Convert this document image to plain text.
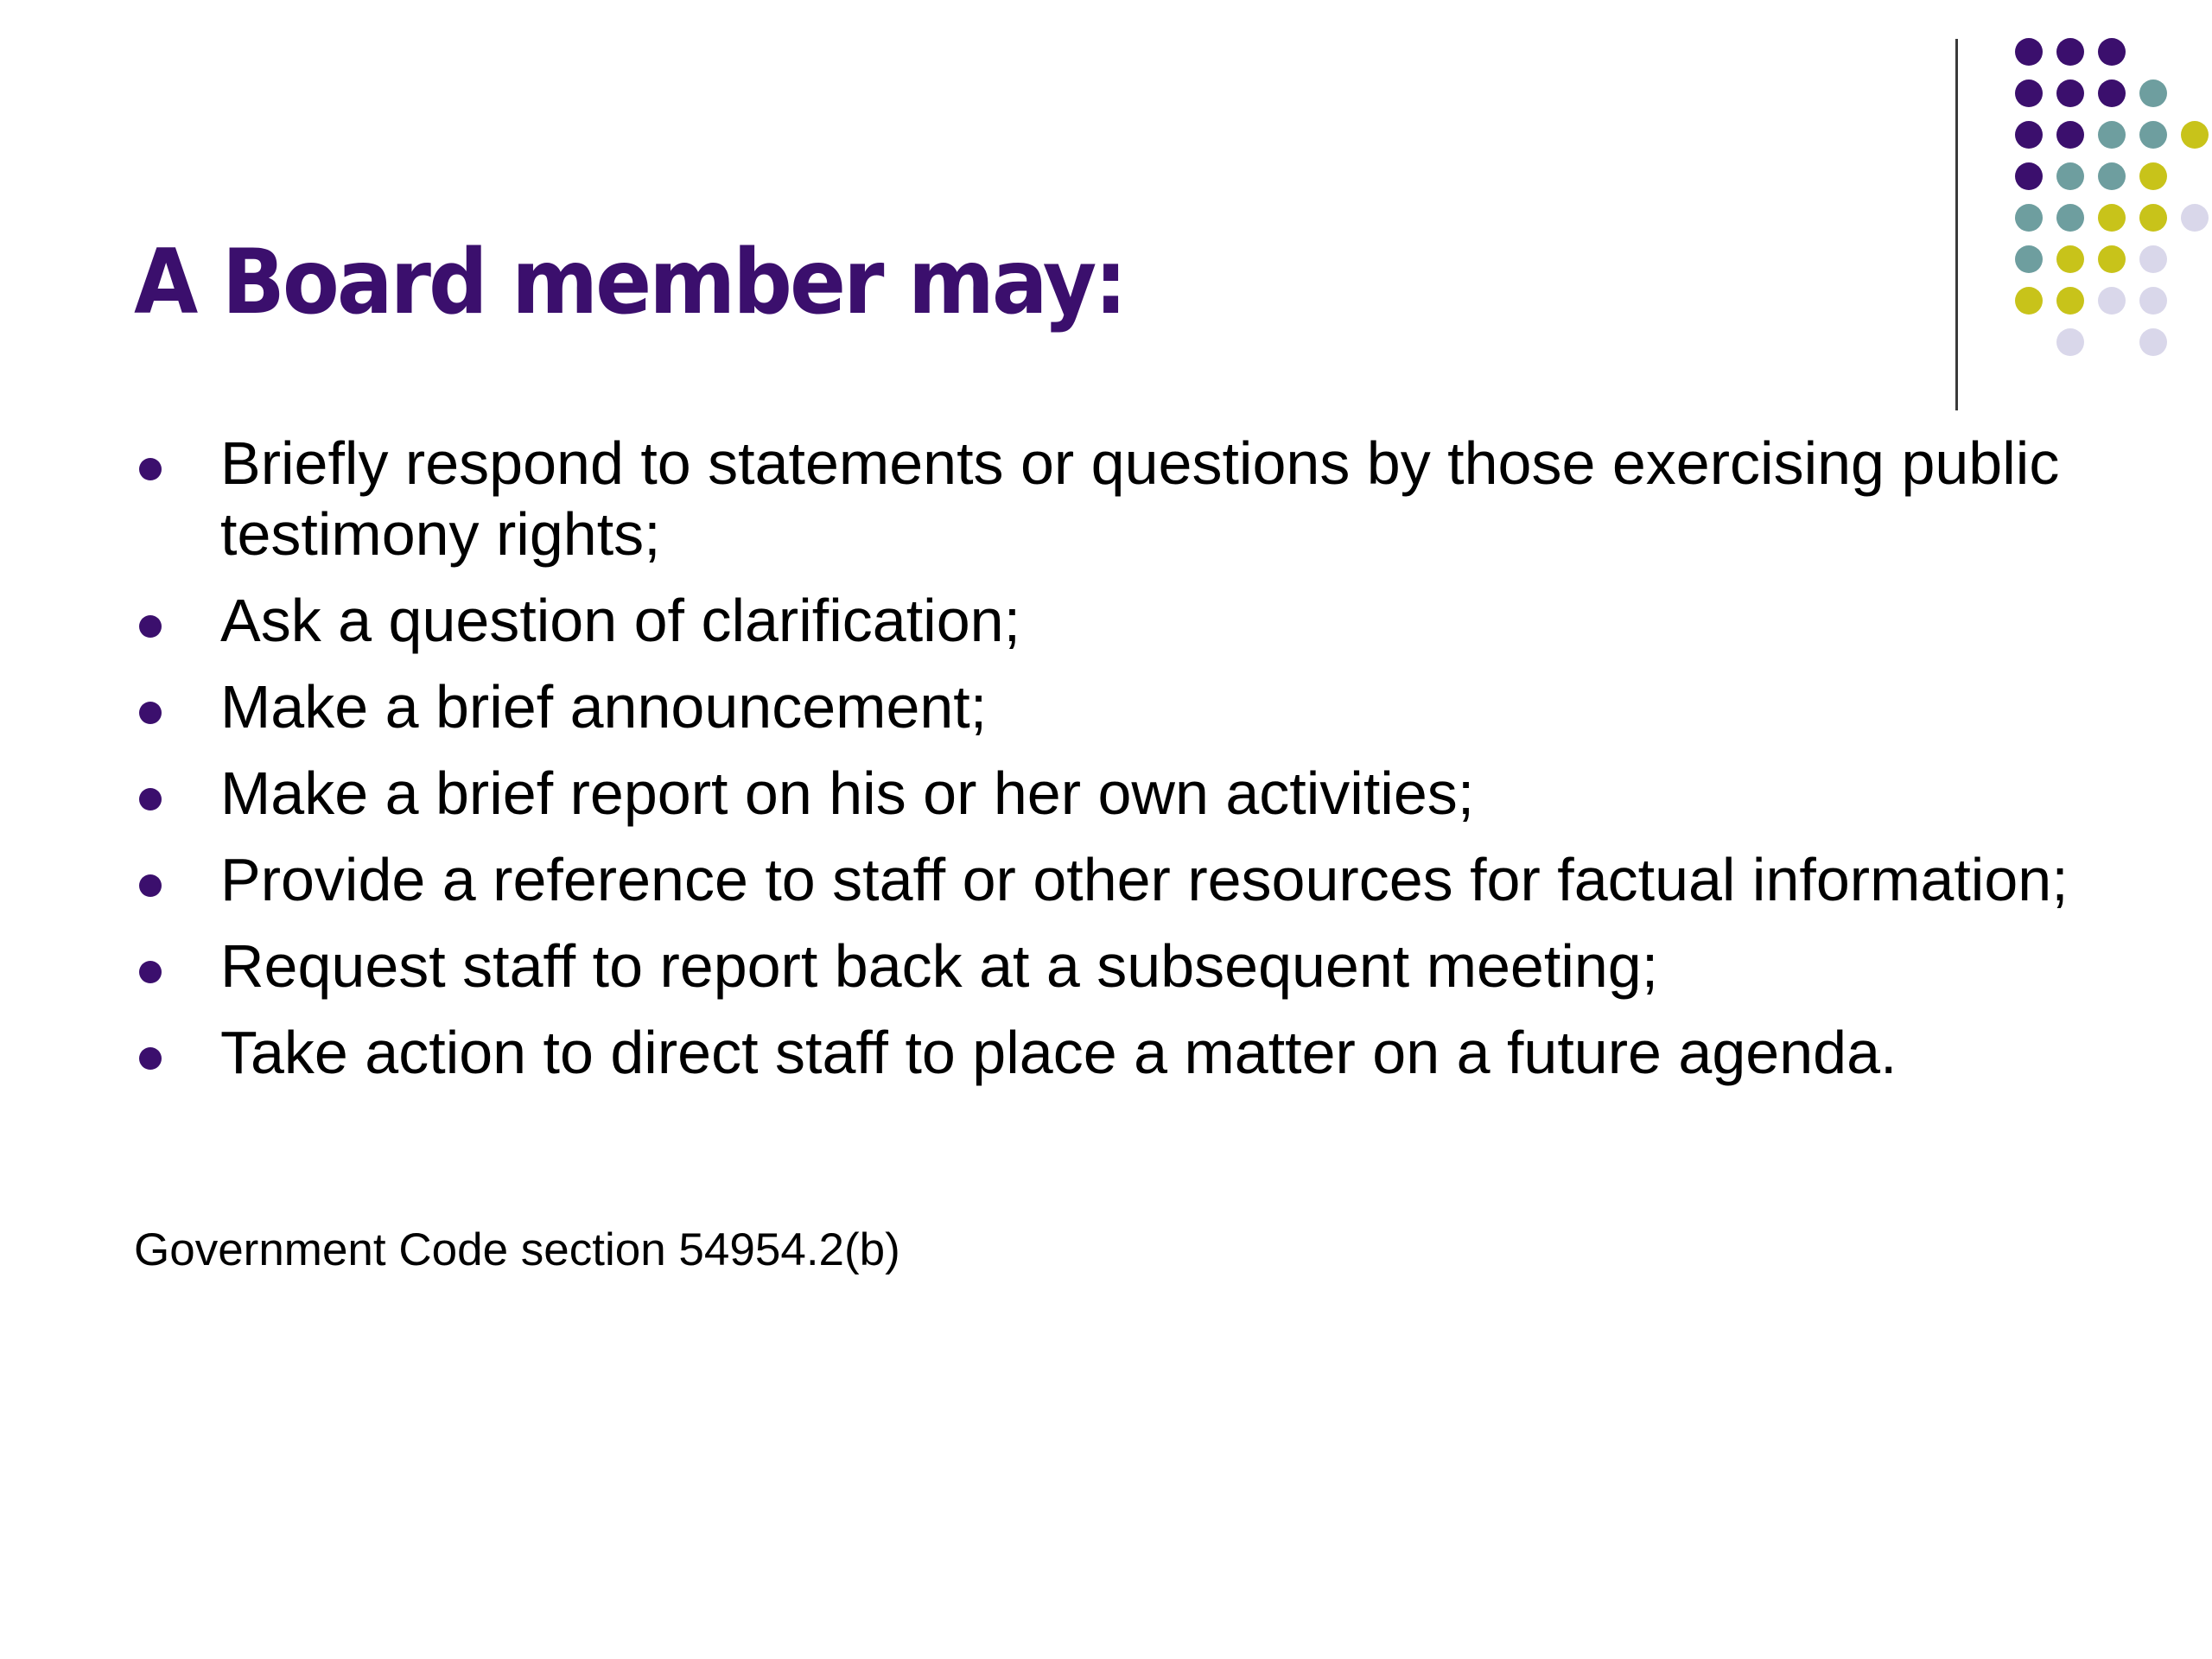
A Board member may:
Briefly respond to statements or questions by those exercising public testimony rights;
Ask a question of clarification;
Make a brief announcement;
Make a brief report on his or her own activities;
Provide a reference to staff or other resources for factual information;
Request staff to report back at a subsequent meeting;
Take action to direct staff to place a matter on a future agenda.

Government Code section 54954.2(b)
